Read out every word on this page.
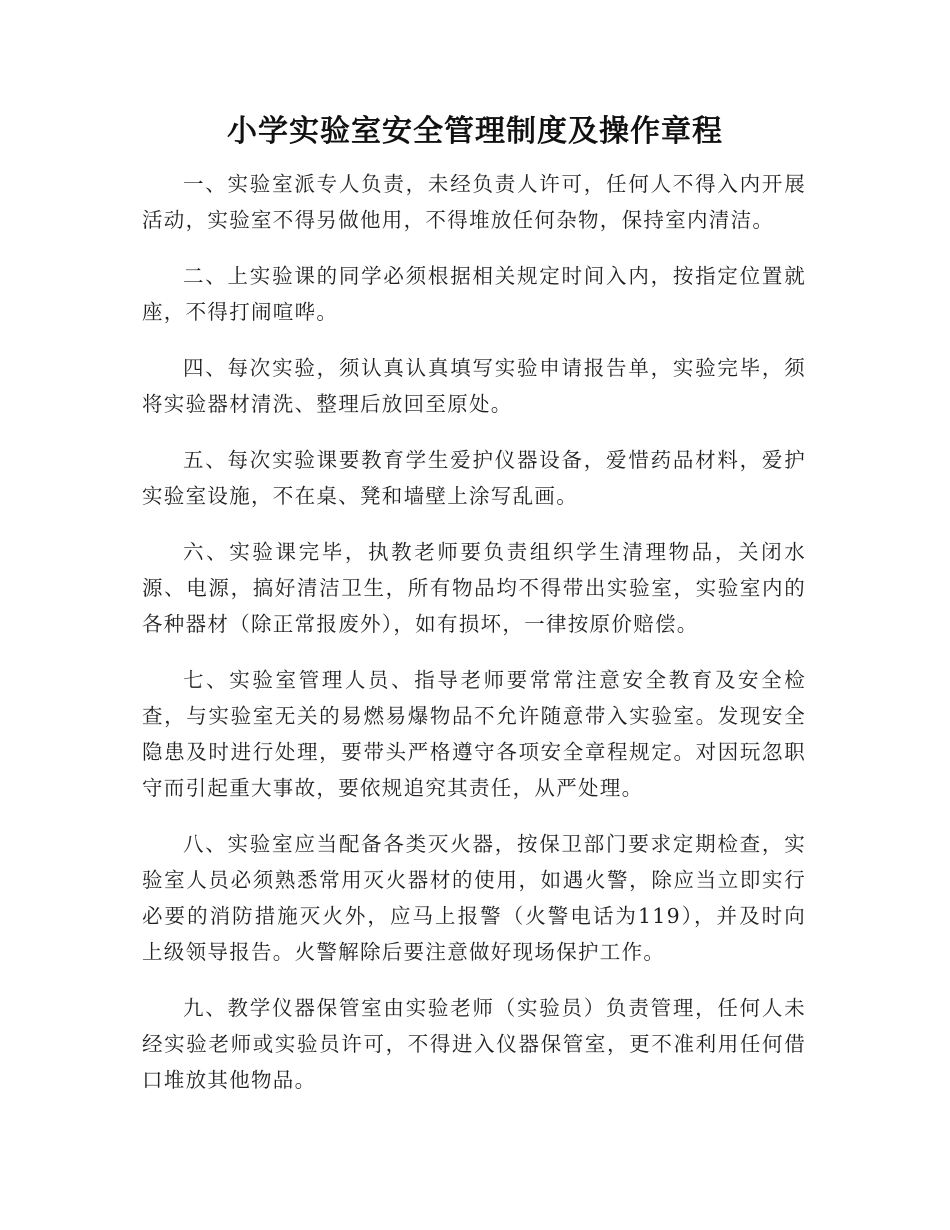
小学实验室安全管理制度及操作章程

一、实验室派专人负责，未经负责人许可，任何人不得入内开展活动，实验室不得另做他用，不得堆放任何杂物，保持室内清洁。

二、上实验课的同学必须根据相关规定时间入内，按指定位置就座，不得打闹喧哗。

四、每次实验，须认真认真填写实验申请报告单，实验完毕，须将实验器材清洗、整理后放回至原处。

五、每次实验课要教育学生爱护仪器设备，爱惜药品材料，爱护实验室设施，不在桌、凳和墙壁上涂写乱画。

六、实验课完毕，执教老师要负责组织学生清理物品，关闭水源、电源，搞好清洁卫生，所有物品均不得带出实验室，实验室内的各种器材（除正常报废外），如有损坏，一律按原价赔偿。

七、实验室管理人员、指导老师要常常注意安全教育及安全检查，与实验室无关的易燃易爆物品不允许随意带入实验室。发现安全隐患及时进行处理，要带头严格遵守各项安全章程规定。对因玩忽职守而引起重大事故，要依规追究其责任，从严处理。

八、实验室应当配备各类灭火器，按保卫部门要求定期检查，实验室人员必须熟悉常用灭火器材的使用，如遇火警，除应当立即实行必要的消防措施灭火外，应马上报警（火警电话为119），并及时向上级领导报告。火警解除后要注意做好现场保护工作。

九、教学仪器保管室由实验老师（实验员）负责管理，任何人未经实验老师或实验员许可，不得进入仪器保管室，更不准利用任何借口堆放其他物品。
